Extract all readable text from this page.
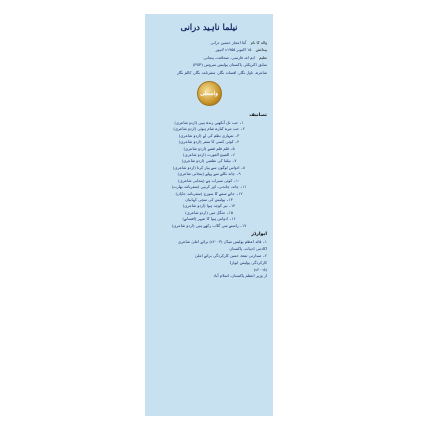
نیلما ناہید درانی
والد کا نام آغا اعجاز حسین درانی
پیدائش ۱۵ اکتوبر ۱۹۵۵ء لاہور
تعلیم ایم اے، فارسی، صحافت، پنجابی
سابق ڈائریکٹر، پاکستان پولیس سروس (PSP)
شاعرہ، ناول نگار، افسانہ نگار، سفرنامہ نگار، کالم نگار
واسطی
تصانیف
۱۔ جب تک آنکھیں زندہ ہیں (اردو شاعری)
۲۔ جب تیرے کنارے شام ہوئی (اردو شاعری)
۳۔ تمہاری نظم کی لے (اردو شاعری)
۴۔ کوئی کسی کا سفر (اردو شاعری)
۵۔ قلم قلم قصے (اردو شاعری)
۶۔ الصبح العورت (اردو شاعری)
۷۔ نیلما کی نظمیں (اردو شاعری)
۸۔ ادواس لوگوں سے پیار کرنا (اردو شاعری)
۹۔ چاند نکلے سے پہلے (پنجابی شاعری)
۱۰۔ کوئی سیراب ہے (پنجابی شاعری)
۱۱۔ چاند، چاندنی، اور کرنیں (سفرنامہ بھارت)
۱۲۔ جاتے سمے کا سورج (سفرنامہ جاپان)
۱۳۔ پولیس کی سچی کہانیاں
۱۴۔ تیر کوچہ ہوا (اردو شاعری)
۱۵۔ جنگل میں (اردو شاعری)
۱۶۔ ادواس ہوا کا شہر (افسانے)
۱۷۔ راستے میں گلاب رکھے ہیں (اردو شاعری)
ایوارڈز
۱۔ قائد اعظم پولیس میڈل (۲۰۰۳ء) برائے اعلیٰ شاعری
اکادمی ادبیات، پاکستان
۲۔ صدارتی تمغۂ حسن کارکردگی برائے اعلیٰ
کارکردگی پولیس ایوارڈ
(۲۰۰۵ء)
از وزیر اعظم پاکستان، اسلام آباد
